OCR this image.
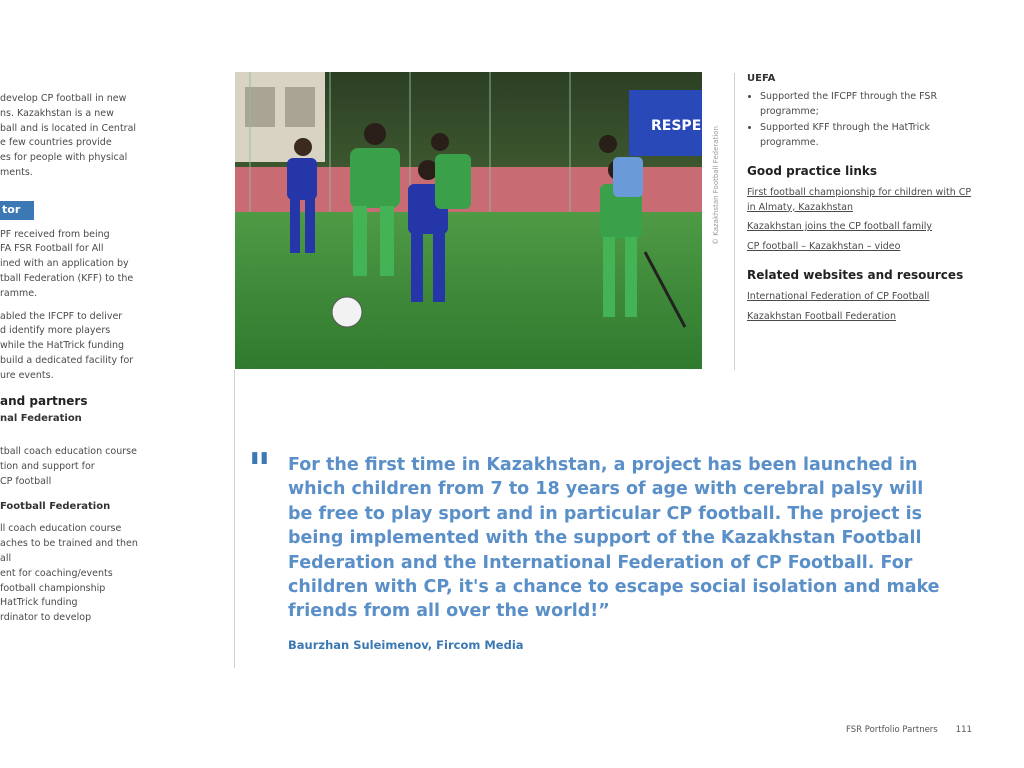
develop CP football in new
ns. Kazakhstan is a new
ball and is located in Central
e few countries provide
es for people with physical
ments.

tor

PF received from being
FA FSR Football for All
ined with an application by
tball Federation (KFF) to the
ramme.

abled the IFCPF to deliver
d identify more players
while the HatTrick funding
build a dedicated facility for
ure events.

and partners
nal Federation

tball coach education course
tion and support for
CP football

Football Federation

ll coach education course
aches to be trained and then
all
ent for coaching/events
football championship
HatTrick funding
rdinator to develop

RESPEC © Kazakhstan Football Federation
UEFA
• Supported the IFCPF through the FSR programme;
• Supported KFF through the HatTrick programme.
Good practice links
First football championship for children with CP in Almaty, Kazakhstan
Kazakhstan joins the CP football family
CP football – Kazakhstan – video
Related websites and resources
International Federation of CP Football
Kazakhstan Football Federation
" For the first time in Kazakhstan, a project has been launched in
which children from 7 to 18 years of age with cerebral palsy will
be free to play sport and in particular CP football. The project is
being implemented with the support of the Kazakhstan Football
Federation and the International Federation of CP Football. For
children with CP, it's a chance to escape social isolation and make
friends from all over the world!”
Baurzhan Suleimenov, Fircom Media
FSR Portfolio Partners 111
